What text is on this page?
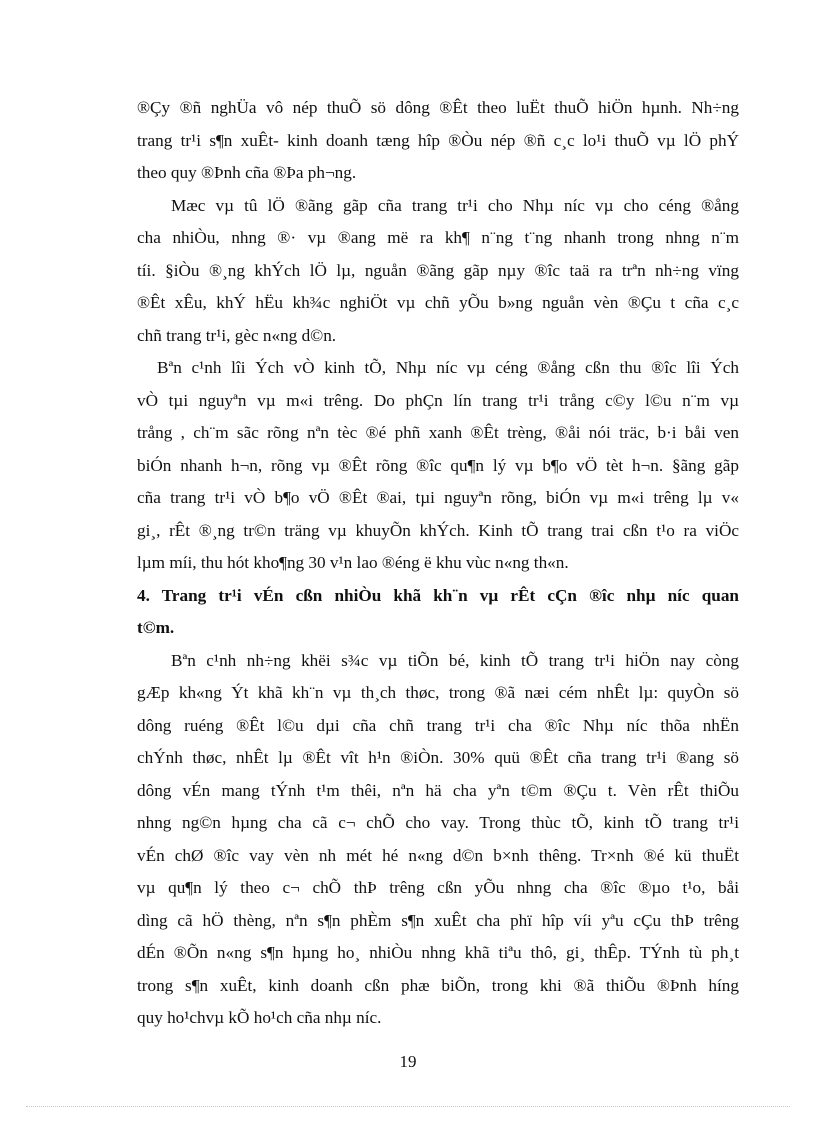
®Çy ®ñ nghÜa vô nép thuÕ sö dông ®Êt theo luËt thuÕ hiÖn hµnh. Nh÷ng
trang tr¹i s¶n xuÊt- kinh doanh tæng hîp ®Òu nép ®ñ c¸c lo¹i thuÕ vµ lÖ phÝ
theo quy ®Þnh cña ®Þa ph¬ng.
Mæc vµ tû lÖ ®ãng gãp cña trang tr¹i cho Nhµ níc vµ cho céng ®ång
cha nhiÒu, nhng ®· vµ ®ang më ra kh¶ n¨ng t¨ng nhanh trong nhng n¨m
tíi. §iÒu ®¸ng khÝch lÖ lµ, nguån ®ãng gãp nµy ®îc taä ra trªn nh÷ng vïng
®Êt xÊu, khÝ hËu kh¾c nghiÖt vµ chñ yÕu b»ng nguån vèn ®Çu t cña c¸c
chñ trang tr¹i, gèc n«ng d©n.
Bªn c¹nh lîi Ých vÒ kinh tÕ, Nhµ níc vµ céng ®ång cßn thu ®îc lîi Ých
vÒ tµi nguyªn vµ m«i trêng. Do phÇn lín trang tr¹i trång c©y l©u n¨m vµ
trång , ch¨m sãc rõng nªn tèc ®é phñ xanh ®Êt trèng, ®åi nói träc, b·i båi ven
biÓn nhanh h¬n, rõng vµ ®Êt rõng ®îc qu¶n lý vµ b¶o vÖ tèt h¬n. §ãng gãp
cña trang tr¹i vÒ b¶o vÖ ®Êt ®ai, tµi nguyªn rõng, biÓn vµ m«i trêng lµ v«
gi¸, rÊt ®¸ng tr©n träng vµ khuyÕn khÝch. Kinh tÕ trang trai cßn t¹o ra viÖc
lµm míi, thu hót kho¶ng 30 v¹n lao ®éng ë khu vùc n«ng th«n.
4. Trang tr¹i vÉn cßn nhiÒu khã kh¨n vµ rÊt cÇn ®îc nhµ níc quan
t©m.
Bªn c¹nh nh÷ng khëi s¾c vµ tiÕn bé, kinh tÕ trang tr¹i hiÖn nay còng
gÆp kh«ng Ýt khã kh¨n vµ th¸ch thøc, trong ®ã næi cém nhÊt lµ: quyÒn sö
dông ruéng ®Êt l©u dµi cña chñ trang tr¹i cha ®îc Nhµ níc thõa nhËn
chÝnh thøc, nhÊt lµ ®Êt vît h¹n ®iÒn. 30% quü ®Êt cña trang tr¹i ®ang sö
dông vÉn mang tÝnh t¹m thêi, nªn hä cha yªn t©m ®Çu t. Vèn rÊt thiÕu
nhng ng©n hµng cha cã c¬ chÕ cho vay. Trong thùc tÕ, kinh tÕ trang tr¹i
vÉn chØ ®îc vay vèn nh mét hé n«ng d©n b×nh thêng. Tr×nh ®é kü thuËt
vµ qu¶n lý theo c¬ chÕ thÞ trêng cßn yÕu nhng cha ®îc ®µo t¹o, båi
dìng cã hÖ thèng, nªn s¶n phÈm s¶n xuÊt cha phï hîp víi yªu cÇu thÞ trêng
dÉn ®Õn n«ng s¶n hµng ho¸ nhiÒu nhng khã tiªu thô, gi¸ thÊp. TÝnh tù ph¸t
trong s¶n xuÊt, kinh doanh cßn phæ biÕn, trong khi ®ã thiÕu ®Þnh híng
quy ho¹chvµ kÕ ho¹ch cña nhµ níc.
19
